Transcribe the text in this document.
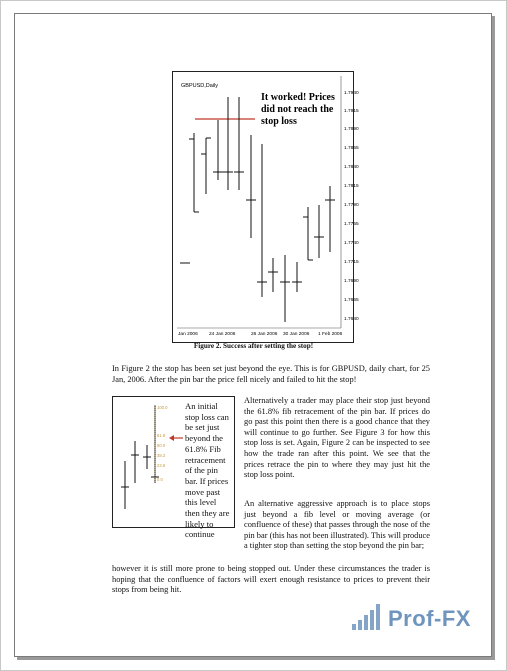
GBPUSD,Daily
It worked! Prices
did not reach the
stop loss
1.7940
1.7915
1.7890
1.7865
1.7840
1.7815
1.7790
1.7765
1.7740
1.7715
1.7690
1.7665
1.7640
Jan 2006 24 Jan 2006	26 Jan 2006 30 Jan 2006 1 Feb 2006
Figure 2. Success after setting the stop!
In Figure 2 the stop has been set just beyond the eye. This is for GBPUSD, daily chart, for 25 Jan, 2006. After the pin bar the price fell nicely and failed to hit the stop!
100.0
61.8
50.0
38.2
23.6
0.0
An initial stop loss can be set just beyond the 61.8% Fib retracement of the pin bar. If prices move past this level then they are likely to continue
Alternatively a trader may place their stop just beyond the 61.8% fib retracement of the pin bar. If prices do go past this point then there is a good chance that they will continue to go further. See Figure 3 for how this stop loss is set. Again, Figure 2 can be inspected to see how the trade ran after this point. We see that the prices retrace the pin to where they may just hit the stop loss point.
An alternative aggressive approach is to place stops just beyond a fib level or moving average (or confluence of these) that passes through the nose of the pin bar (this has not been illustrated). This will produce a tighter stop than setting the stop beyond the pin bar;
however it is still more prone to being stopped out. Under these circumstances the trader is hoping that the confluence of factors will exert enough resistance to prices to prevent their stops from being hit.
Prof-FX
